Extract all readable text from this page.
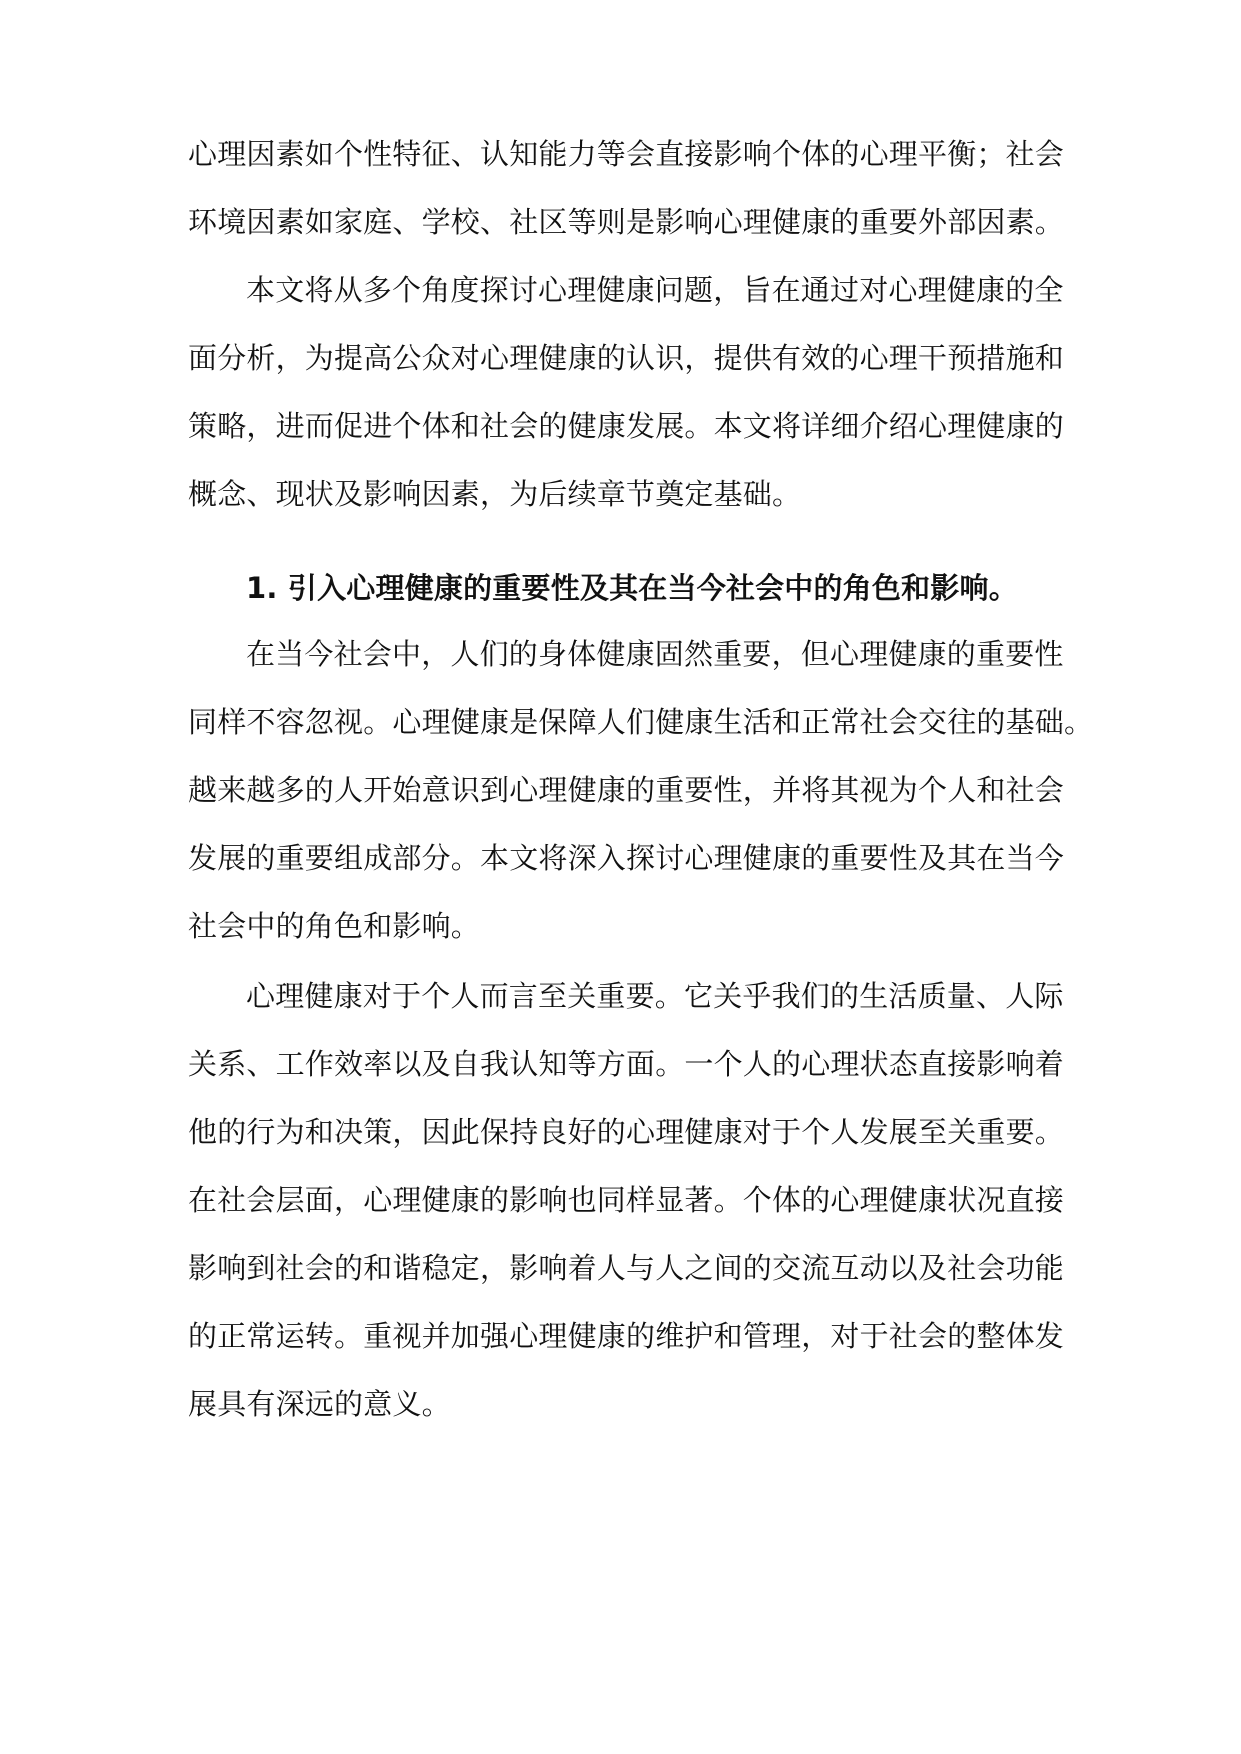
心理因素如个性特征、认知能力等会直接影响个体的心理平衡；社会
环境因素如家庭、学校、社区等则是影响心理健康的重要外部因素。
本文将从多个角度探讨心理健康问题，旨在通过对心理健康的全
面分析，为提高公众对心理健康的认识，提供有效的心理干预措施和
策略，进而促进个体和社会的健康发展。本文将详细介绍心理健康的
概念、现状及影响因素，为后续章节奠定基础。
1. 引入心理健康的重要性及其在当今社会中的角色和影响。
在当今社会中，人们的身体健康固然重要，但心理健康的重要性
同样不容忽视。心理健康是保障人们健康生活和正常社会交往的基础。
越来越多的人开始意识到心理健康的重要性，并将其视为个人和社会
发展的重要组成部分。本文将深入探讨心理健康的重要性及其在当今
社会中的角色和影响。
心理健康对于个人而言至关重要。它关乎我们的生活质量、人际
关系、工作效率以及自我认知等方面。一个人的心理状态直接影响着
他的行为和决策，因此保持良好的心理健康对于个人发展至关重要。
在社会层面，心理健康的影响也同样显著。个体的心理健康状况直接
影响到社会的和谐稳定，影响着人与人之间的交流互动以及社会功能
的正常运转。重视并加强心理健康的维护和管理，对于社会的整体发
展具有深远的意义。
